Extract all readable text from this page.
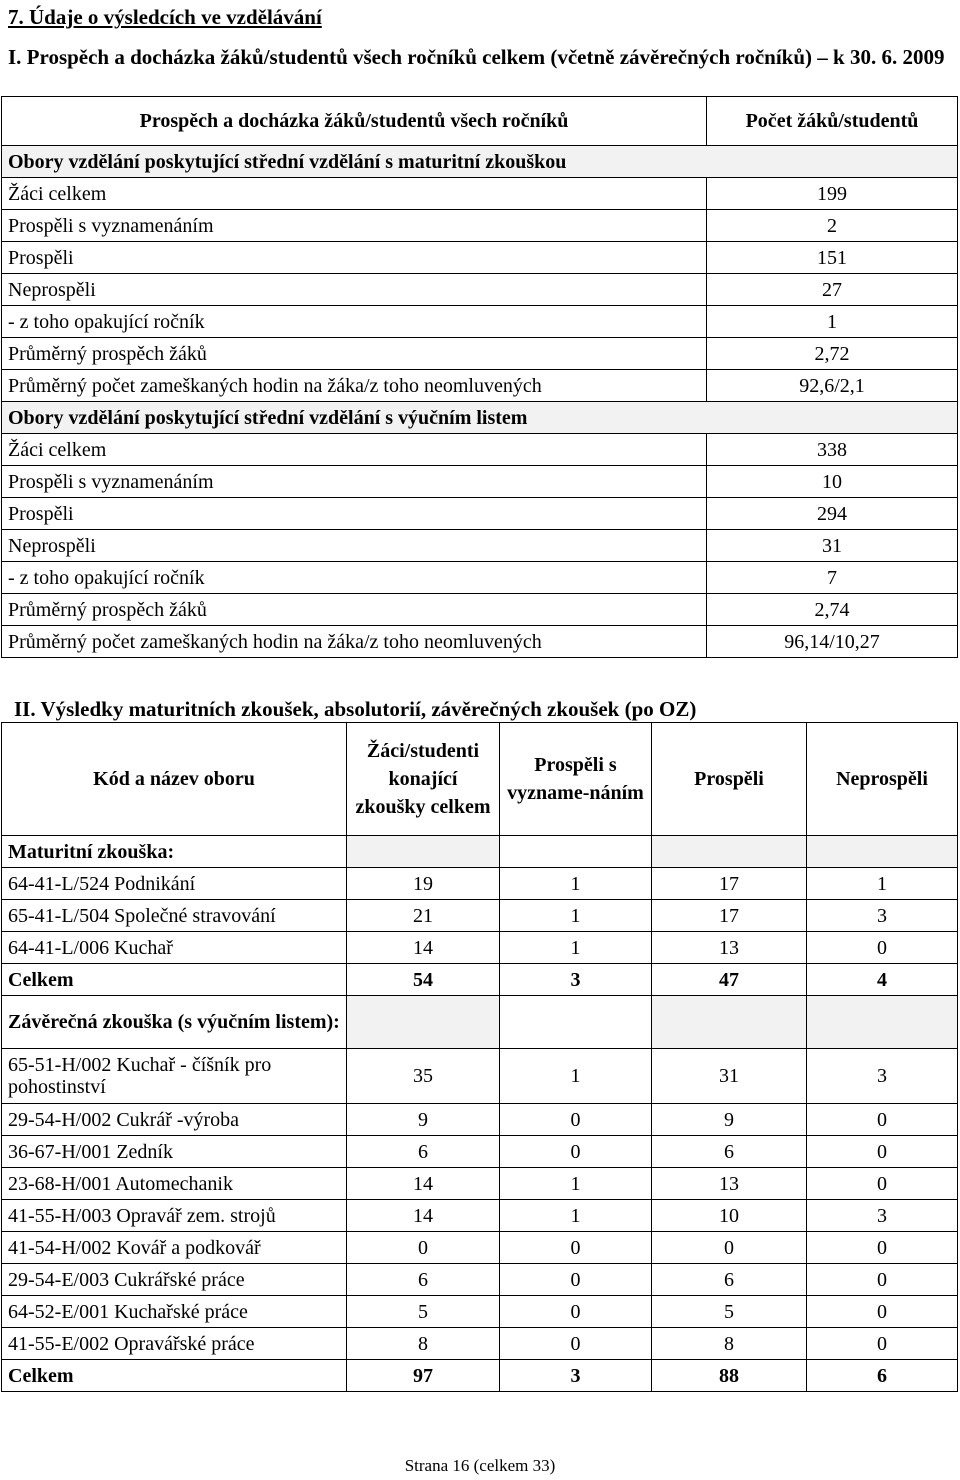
7. Údaje o výsledcích ve vzdělávání
I. Prospěch a docházka žáků/studentů všech ročníků celkem (včetně závěrečných ročníků) – k 30. 6. 2009
Prospěch a docházka žáků/studentů všech ročníků	Počet žáků/studentů
Obory vzdělání poskytující střední vzdělání s maturitní zkouškou	
Žáci celkem	199
Prospěli s vyznamenáním	2
Prospěli	151
Neprospěli	27
- z toho opakující ročník	1
Průměrný prospěch žáků	2,72
Průměrný počet zameškaných hodin na žáka/z toho neomluvených	92,6/2,1
Obory vzdělání poskytující střední vzdělání s výučním listem	
Žáci celkem	338
Prospěli s vyznamenáním	10
Prospěli	294
Neprospěli	31
- z toho opakující ročník	7
Průměrný prospěch žáků	2,74
Průměrný počet zameškaných hodin na žáka/z toho neomluvených	96,14/10,27
II. Výsledky maturitních zkoušek, absolutorií, závěrečných zkoušek (po OZ)
Kód a název oboru	Žáci/studenti konající zkoušky celkem	Prospěli s vyzname-náním	Prospěli	Neprospěli
Maturitní zkouška:				
64-41-L/524 Podnikání	19	1	17	1
65-41-L/504 Společné stravování	21	1	17	3
64-41-L/006 Kuchař	14	1	13	0
Celkem	54	3	47	4
Závěrečná zkouška (s výučním listem):				
65-51-H/002 Kuchař - číšník pro pohostinství	35	1	31	3
29-54-H/002 Cukrář -výroba	9	0	9	0
36-67-H/001 Zedník	6	0	6	0
23-68-H/001 Automechanik	14	1	13	0
41-55-H/003 Opravář zem. strojů	14	1	10	3
41-54-H/002 Kovář a podkovář	0	0	0	0
29-54-E/003 Cukrářské práce	6	0	6	0
64-52-E/001 Kuchařské práce	5	0	5	0
41-55-E/002 Opravářské práce	8	0	8	0
Celkem	97	3	88	6
Strana 16 (celkem 33)
